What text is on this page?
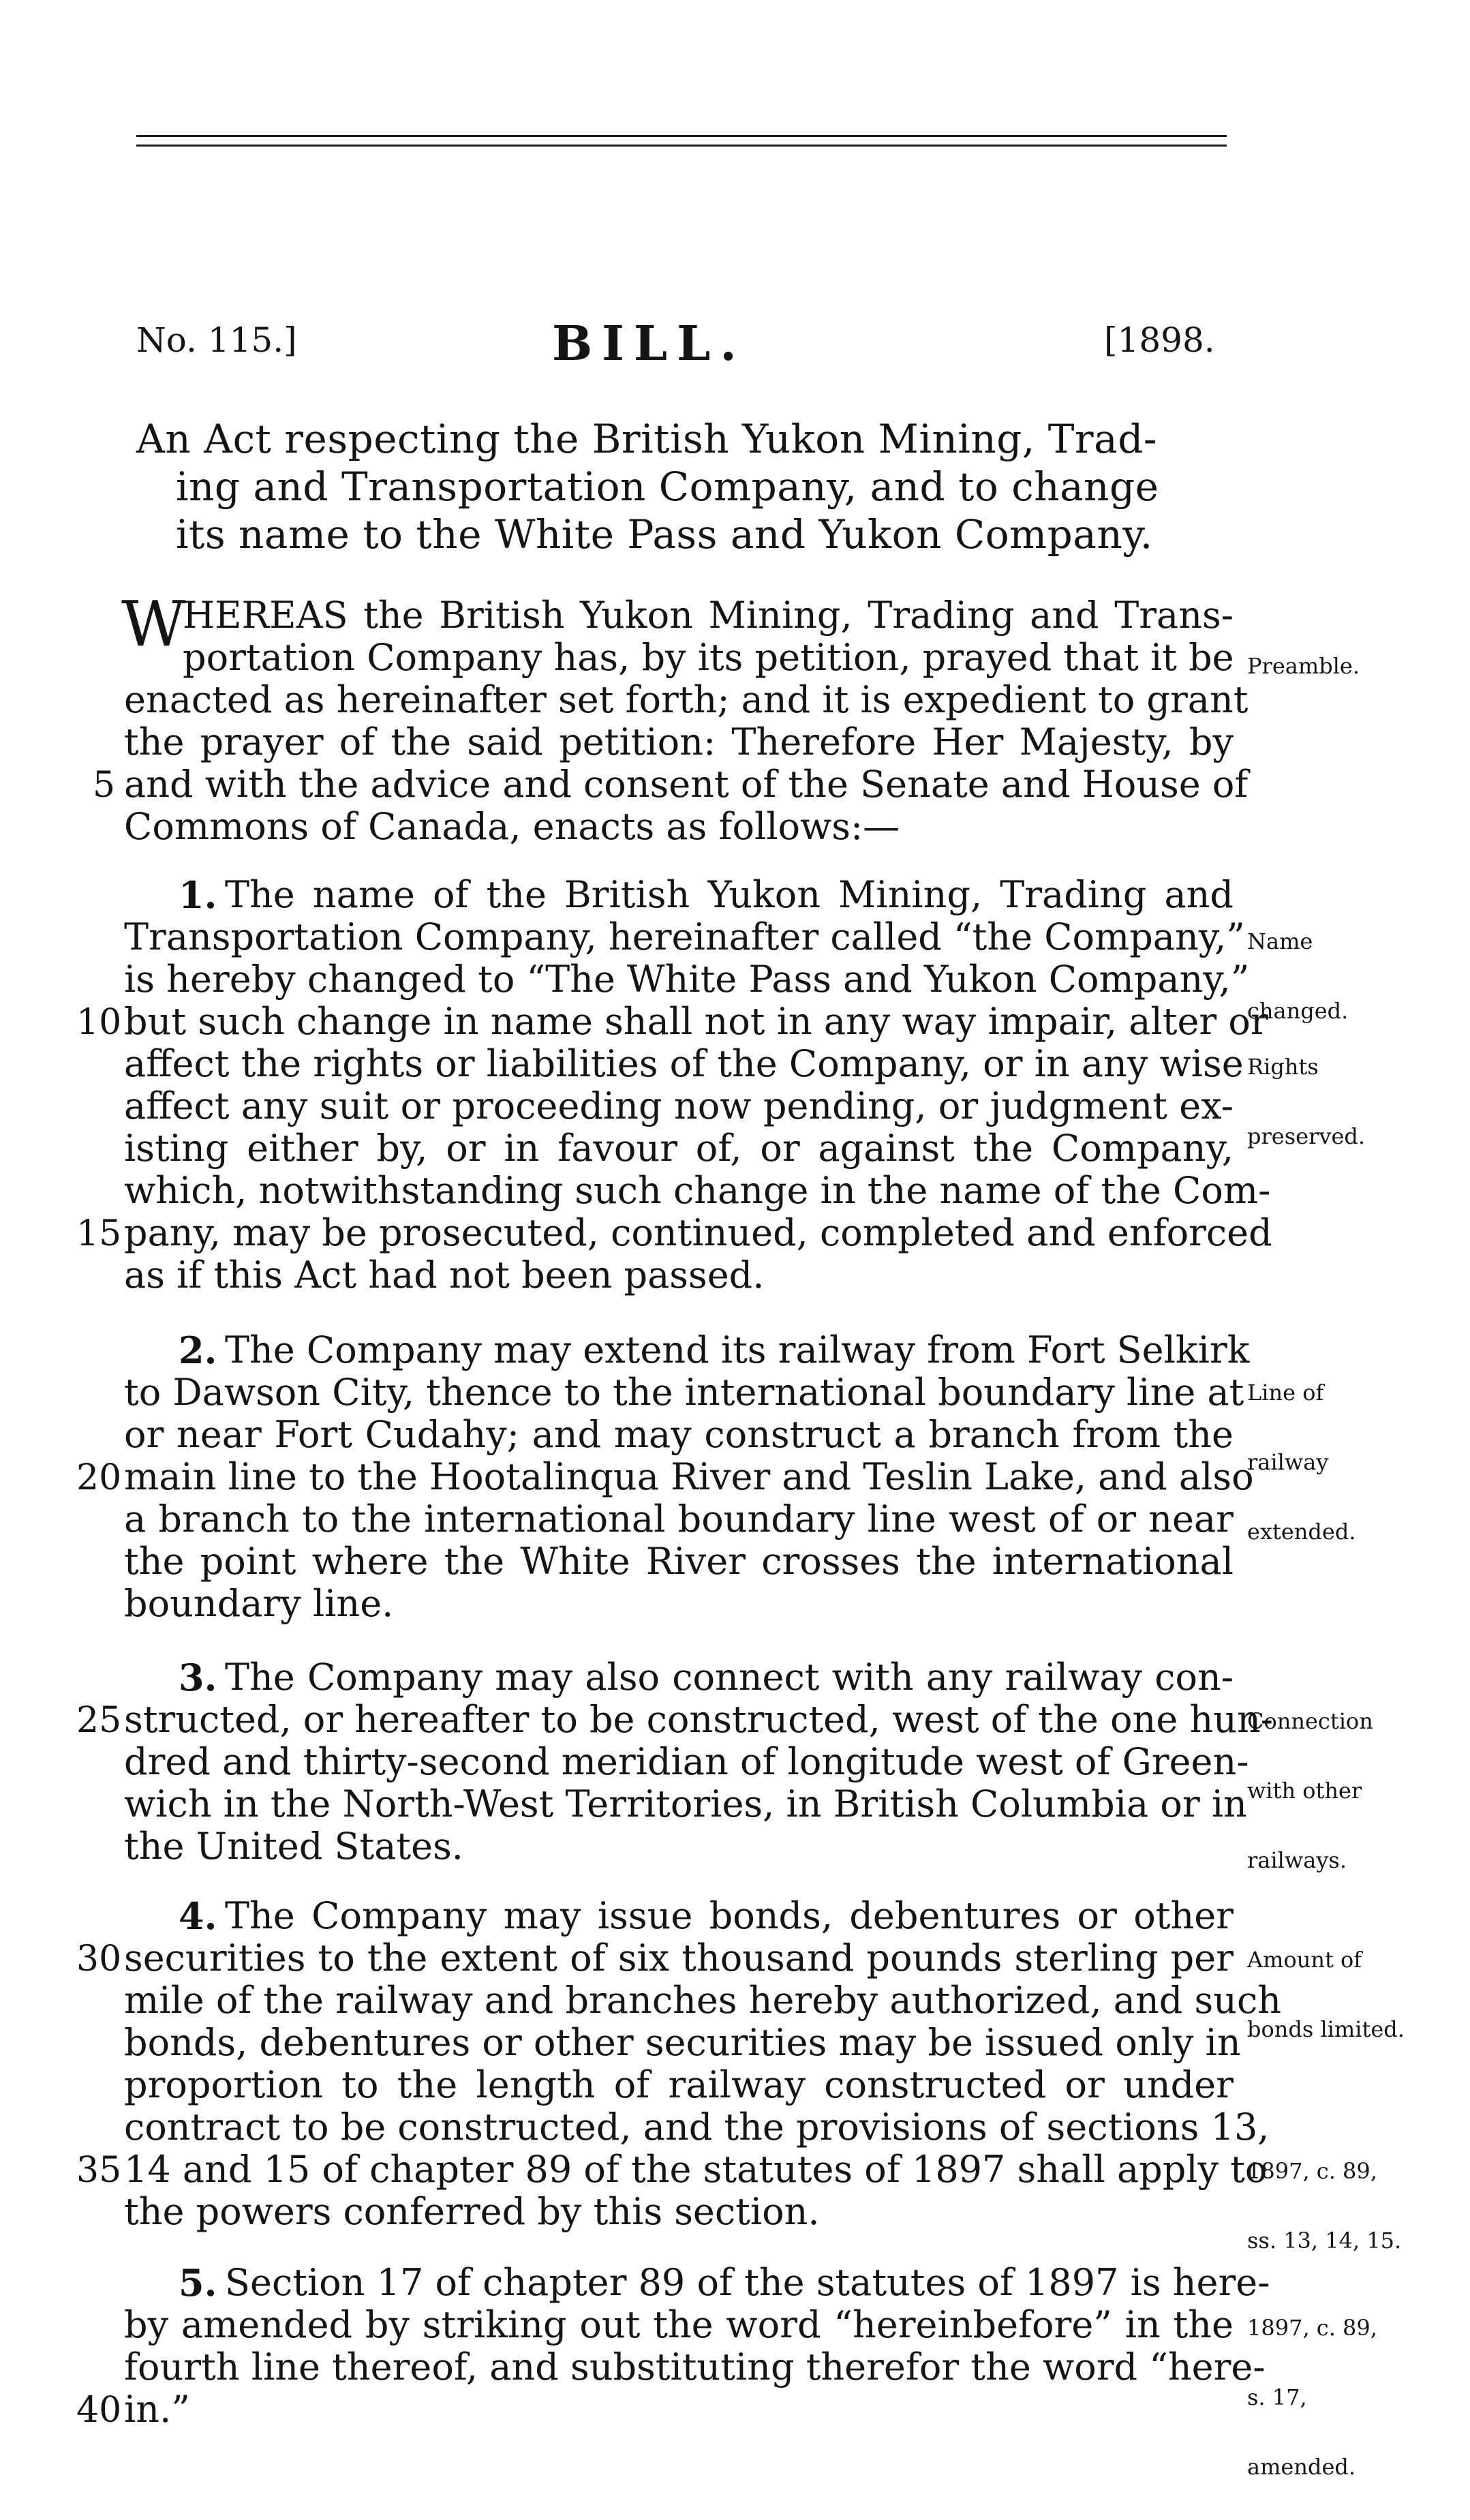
No. 115.]	BILL.	[1898.
An Act respecting the British Yukon Mining, Trad-
ing and Transportation Company, and to change
its name to the White Pass and Yukon Company.
W
HEREAS the British Yukon Mining, Trading and Trans-
portation Company has, by its petition, prayed that it be
enacted as hereinafter set forth; and it is expedient to grant
the prayer of the said petition: Therefore Her Majesty, by
and with the advice and consent of the Senate and House of
Commons of Canada, enacts as follows:—
1. The name of the British Yukon Mining, Trading and
Transportation Company, hereinafter called “the Company,”
is hereby changed to “The White Pass and Yukon Company,”
but such change in name shall not in any way impair, alter or
affect the rights or liabilities of the Company, or in any wise
affect any suit or proceeding now pending, or judgment ex-
isting either by, or in favour of, or against the Company,
which, notwithstanding such change in the name of the Com-
pany, may be prosecuted, continued, completed and enforced
as if this Act had not been passed.
2. The Company may extend its railway from Fort Selkirk
to Dawson City, thence to the international boundary line at
or near Fort Cudahy; and may construct a branch from the
main line to the Hootalinqua River and Teslin Lake, and also
a branch to the international boundary line west of or near
the point where the White River crosses the international
boundary line.
3. The Company may also connect with any railway con-
structed, or hereafter to be constructed, west of the one hun-
dred and thirty-second meridian of longitude west of Green-
wich in the North-West Territories, in British Columbia or in
the United States.
4. The Company may issue bonds, debentures or other
securities to the extent of six thousand pounds sterling per
mile of the railway and branches hereby authorized, and such
bonds, debentures or other securities may be issued only in
proportion to the length of railway constructed or under
contract to be constructed, and the provisions of sections 13,
14 and 15 of chapter 89 of the statutes of 1897 shall apply to
the powers conferred by this section.
5. Section 17 of chapter 89 of the statutes of 1897 is here-
by amended by striking out the word “hereinbefore” in the
fourth line thereof, and substituting therefor the word “here-
in.”
5
10
15
20
25
30
35
40

Preamble.

Name

changed.

Rights

preserved.

Line of

railway

extended.

Connection

with other

railways.

Amount of

bonds limited.

1897, c. 89,

ss. 13, 14, 15.

1897, c. 89,

s. 17,

amended.
